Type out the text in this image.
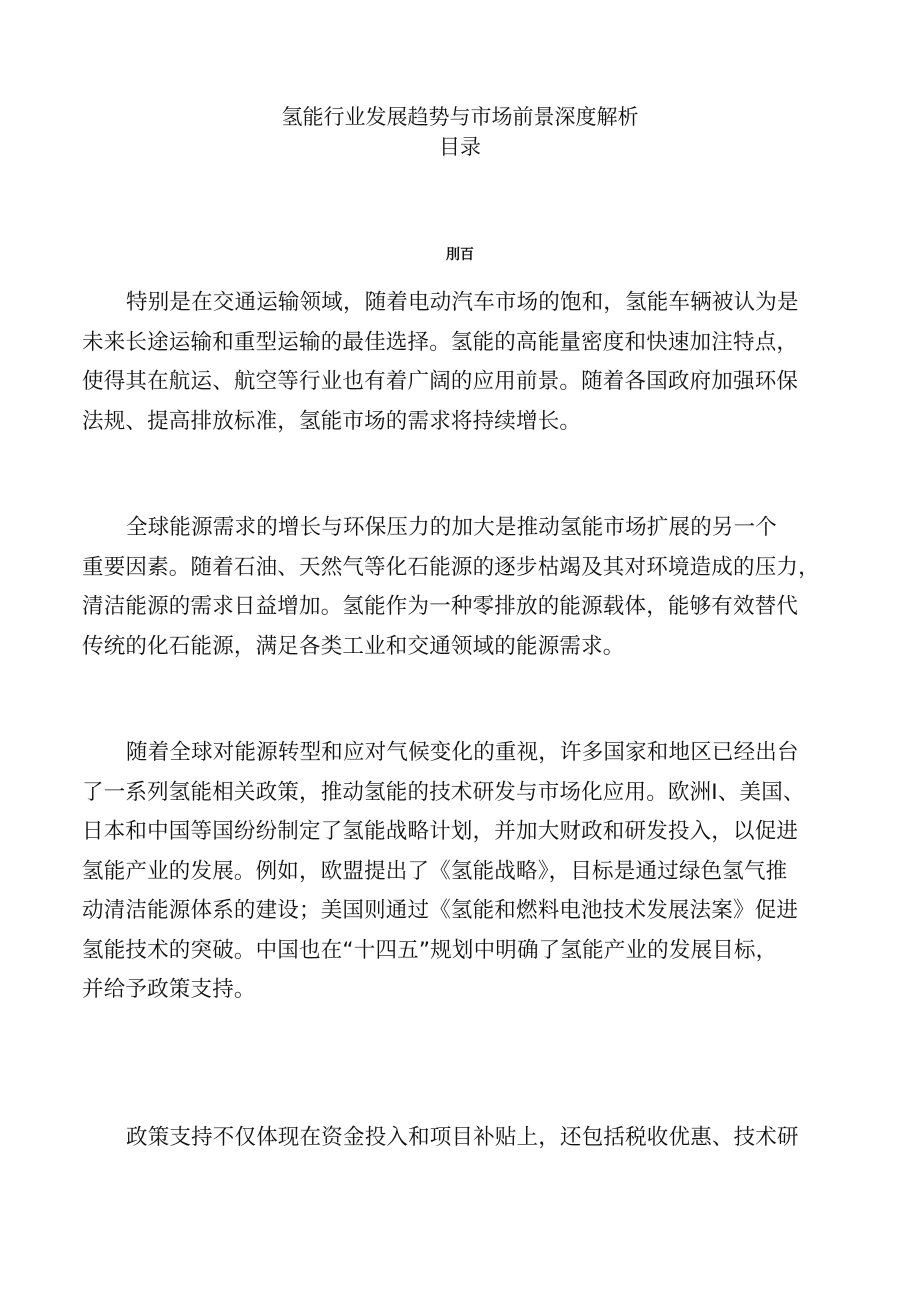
氢能行业发展趋势与市场前景深度解析
目录
刖百

特别是在交通运输领域，随着电动汽车市场的饱和，氢能车辆被认为是
未来长途运输和重型运输的最佳选择。氢能的高能量密度和快速加注特点，
使得其在航运、航空等行业也有着广阔的应用前景。随着各国政府加强环保
法规、提高排放标准，氢能市场的需求将持续增长。

全球能源需求的增长与环保压力的加大是推动氢能市场扩展的另一个
重要因素。随着石油、天然气等化石能源的逐步枯竭及其对环境造成的压力，
清洁能源的需求日益增加。氢能作为一种零排放的能源载体，能够有效替代
传统的化石能源，满足各类工业和交通领域的能源需求。

随着全球对能源转型和应对气候变化的重视，许多国家和地区已经出台
了一系列氢能相关政策，推动氢能的技术研发与市场化应用。欧洲I、美国、
日本和中国等国纷纷制定了氢能战略计划，并加大财政和研发投入，以促进
氢能产业的发展。例如，欧盟提出了《氢能战略》，目标是通过绿色氢气推
动清洁能源体系的建设；美国则通过《氢能和燃料电池技术发展法案》促进
氢能技术的突破。中国也在“十四五”规划中明确了氢能产业的发展目标，
并给予政策支持。

政策支持不仅体现在资金投入和项目补贴上，还包括税收优惠、技术研
